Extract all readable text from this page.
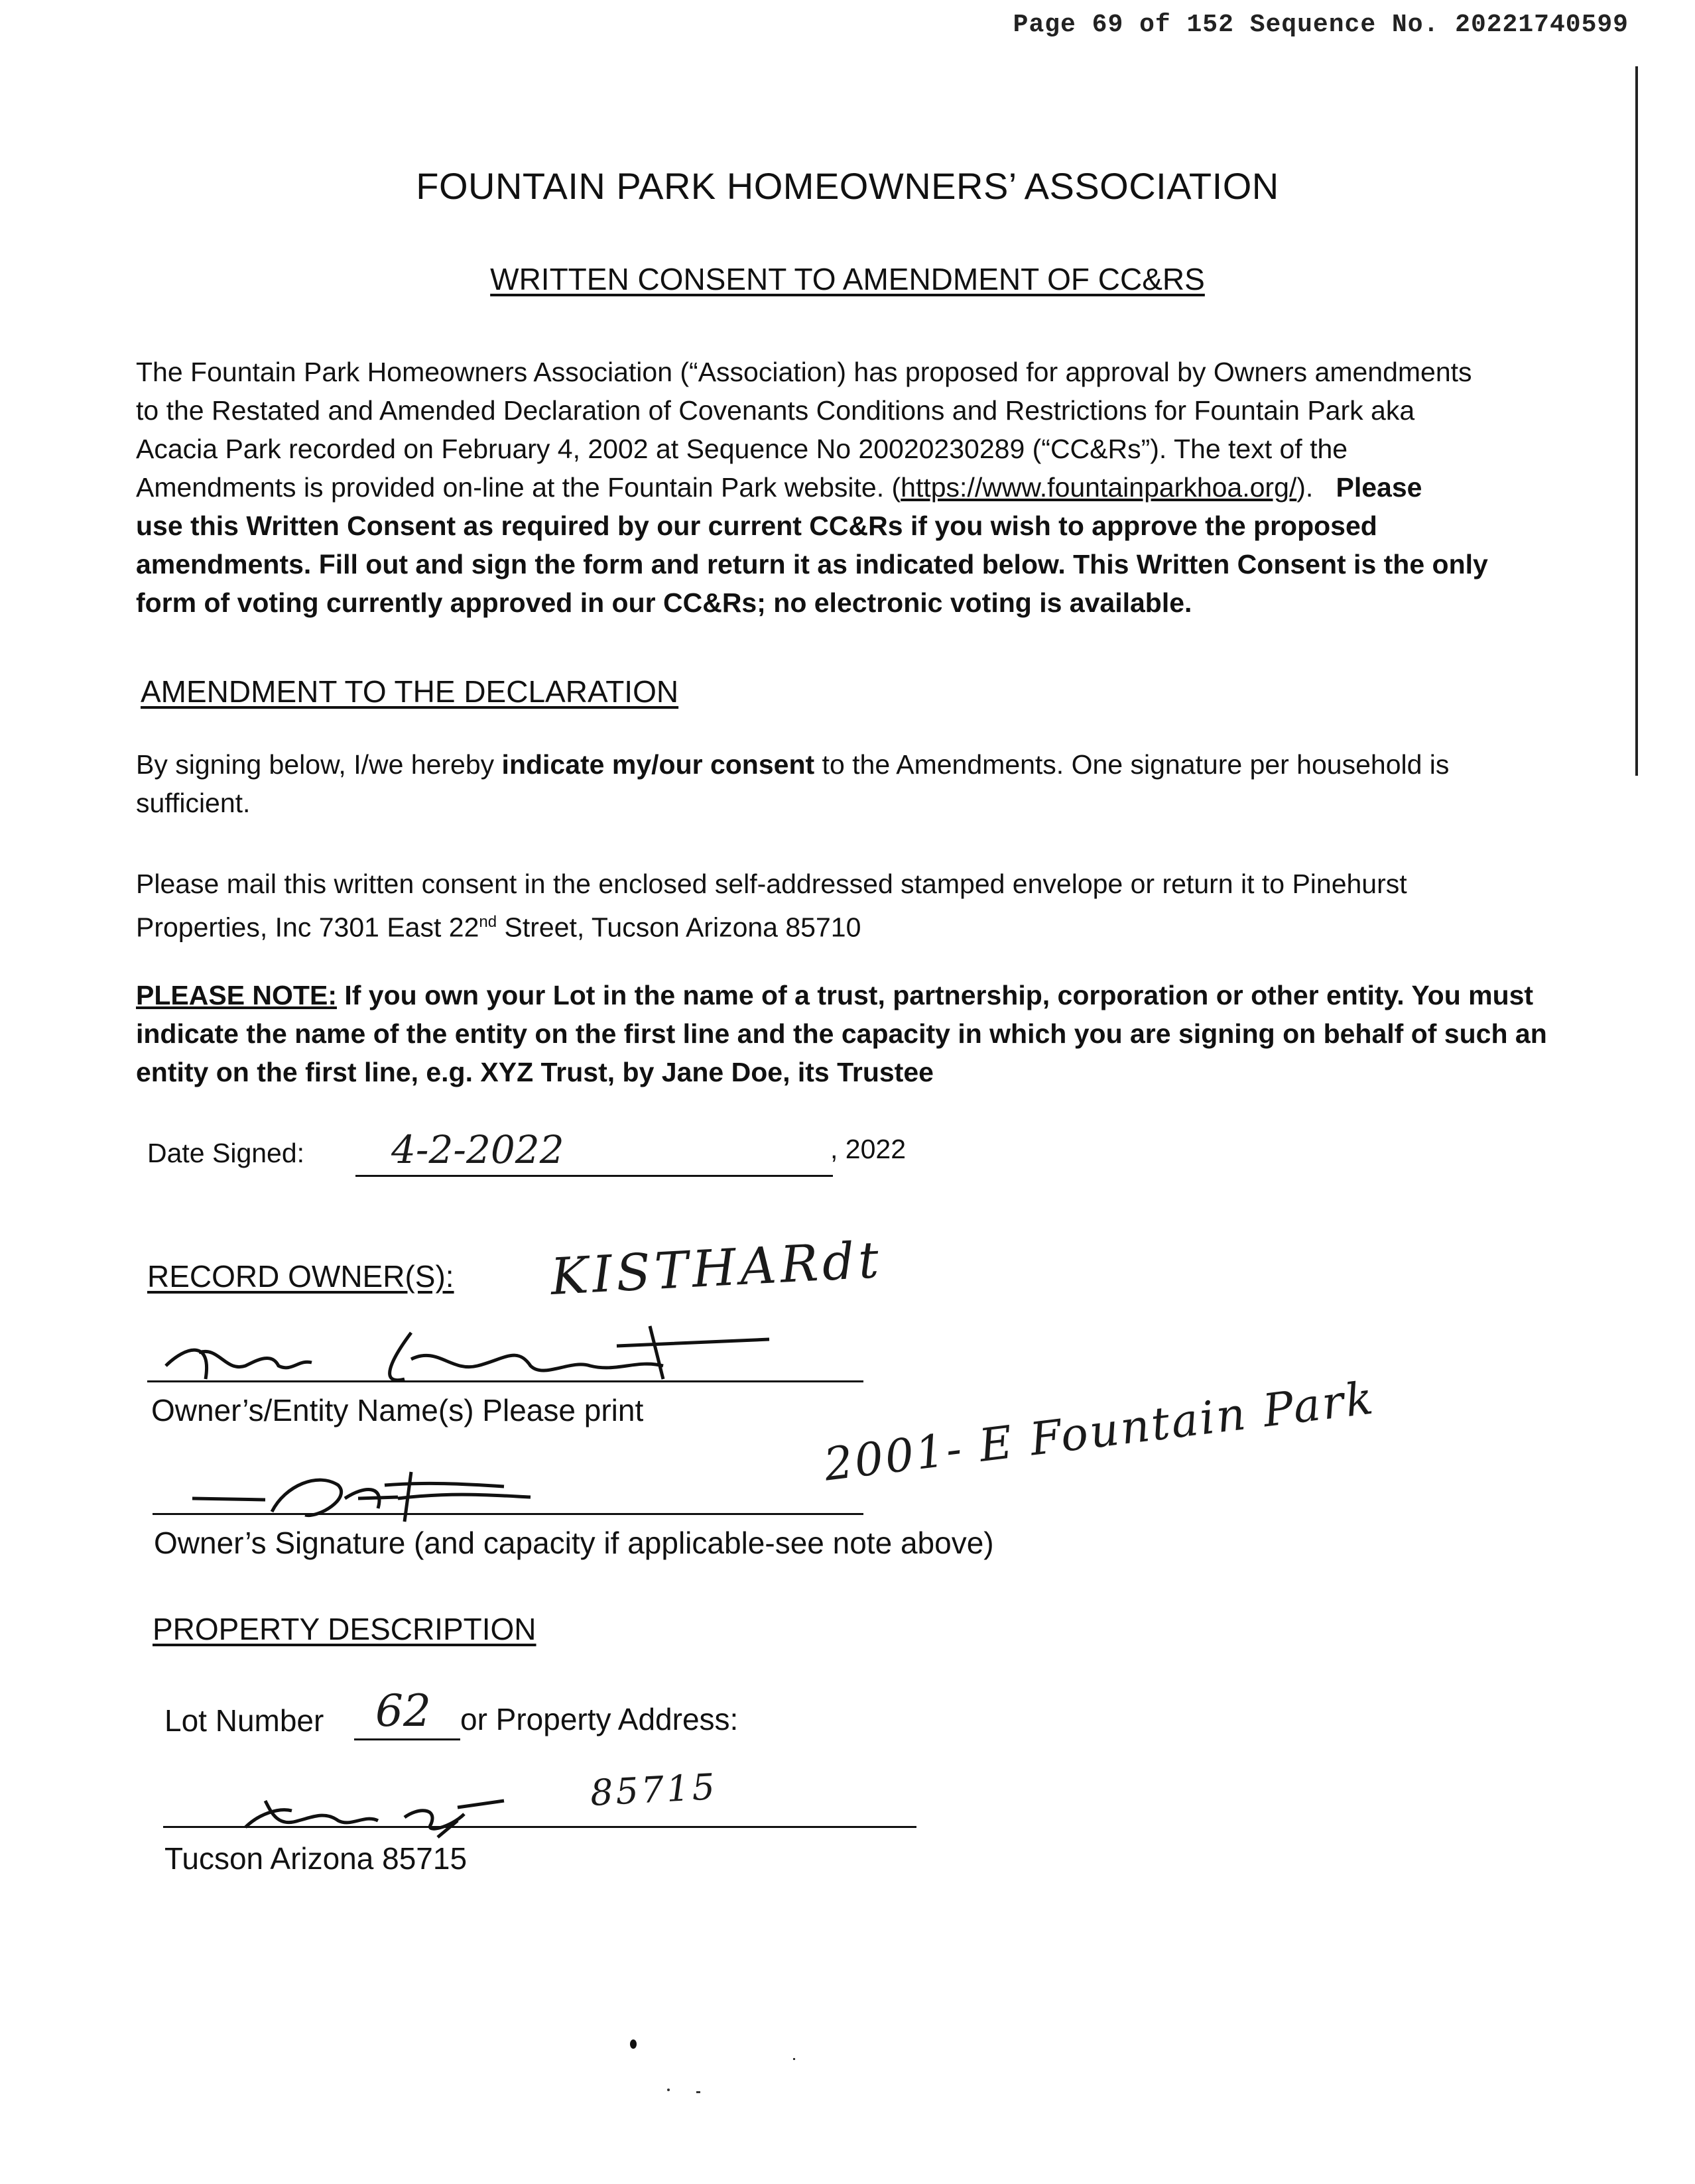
Page 69 of 152 Sequence No. 20221740599
FOUNTAIN PARK HOMEOWNERS’ ASSOCIATION
WRITTEN CONSENT TO AMENDMENT OF CC&RS
The Fountain Park Homeowners Association (“Association) has proposed for approval by Owners amendments
to the Restated and Amended Declaration of Covenants Conditions and Restrictions for Fountain Park aka
Acacia Park recorded on February 4, 2002 at Sequence No 20020230289 (“CC&Rs”). The text of the
Amendments is provided on-line at the Fountain Park website. (https://www.fountainparkhoa.org/).   Please
use this Written Consent as required by our current CC&Rs if you wish to approve the proposed
amendments. Fill out and sign the form and return it as indicated below. This Written Consent is the only
form of voting currently approved in our CC&Rs; no electronic voting is available.
AMENDMENT TO THE DECLARATION
By signing below, I/we hereby indicate my/our consent to the Amendments. One signature per household is
sufficient.
Please mail this written consent in the enclosed self-addressed stamped envelope or return it to Pinehurst
Properties, Inc 7301 East 22nd Street, Tucson Arizona 85710
PLEASE NOTE: If you own your Lot in the name of a trust, partnership, corporation or other entity. You must
indicate the name of the entity on the first line and the capacity in which you are signing on behalf of such an
entity on the first line, e.g. XYZ Trust, by Jane Doe, its Trustee
Date Signed: 4-2-2022	, 2022
RECORD OWNER(S): KISTHARdt
Owner’s/Entity Name(s) Please print	2001- E Fountain Park
Owner’s Signature (and capacity if applicable-see note above)
PROPERTY DESCRIPTION
Lot Number 62 or Property Address:
85715
Tucson Arizona 85715
